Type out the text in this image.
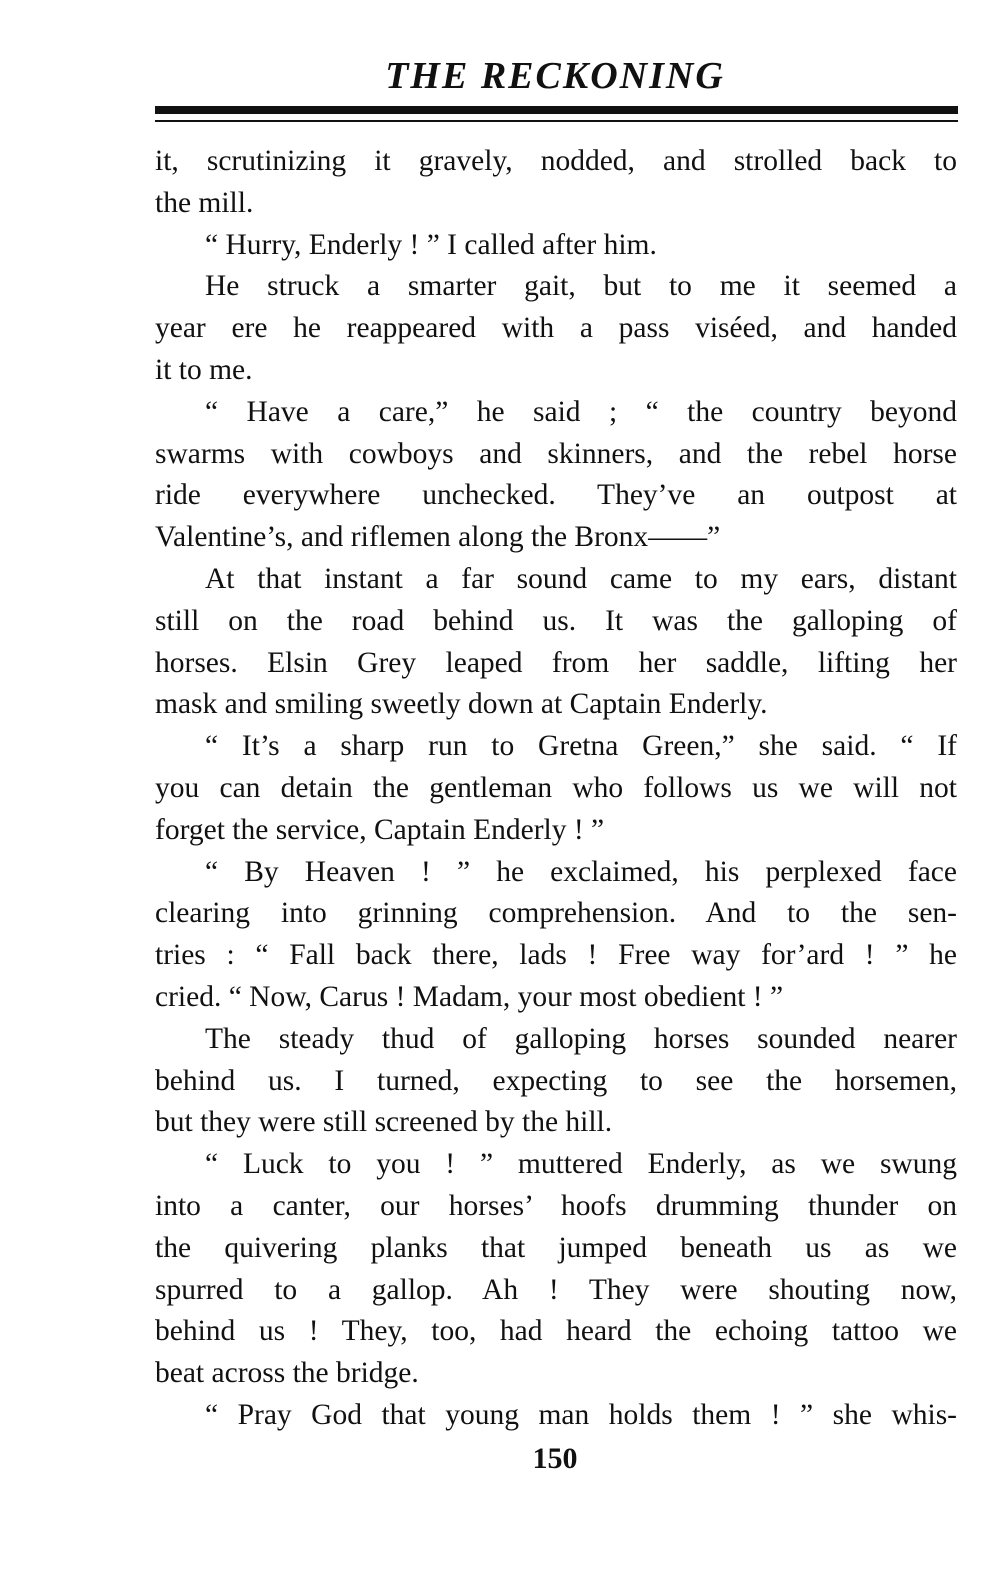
THE RECKONING
it, scrutinizing it gravely, nodded, and strolled back to
the mill.
“ Hurry, Enderly ! ” I called after him.
He struck a smarter gait, but to me it seemed a
year ere he reappeared with a pass viséed, and handed
it to me.
“ Have a care,” he said ; “ the country beyond
swarms with cowboys and skinners, and the rebel horse
ride everywhere unchecked. They’ve an outpost at
Valentine’s, and riflemen along the Bronx——”
At that instant a far sound came to my ears, distant
still on the road behind us. It was the galloping of
horses. Elsin Grey leaped from her saddle, lifting her
mask and smiling sweetly down at Captain Enderly.
“ It’s a sharp run to Gretna Green,” she said. “ If
you can detain the gentleman who follows us we will not
forget the service, Captain Enderly ! ”
“ By Heaven ! ” he exclaimed, his perplexed face
clearing into grinning comprehension. And to the sen-
tries : “ Fall back there, lads ! Free way for’ard ! ” he
cried. “ Now, Carus ! Madam, your most obedient ! ”
The steady thud of galloping horses sounded nearer
behind us. I turned, expecting to see the horsemen,
but they were still screened by the hill.
“ Luck to you ! ” muttered Enderly, as we swung
into a canter, our horses’ hoofs drumming thunder on
the quivering planks that jumped beneath us as we
spurred to a gallop. Ah ! They were shouting now,
behind us ! They, too, had heard the echoing tattoo we
beat across the bridge.
“ Pray God that young man holds them ! ” she whis-
150
